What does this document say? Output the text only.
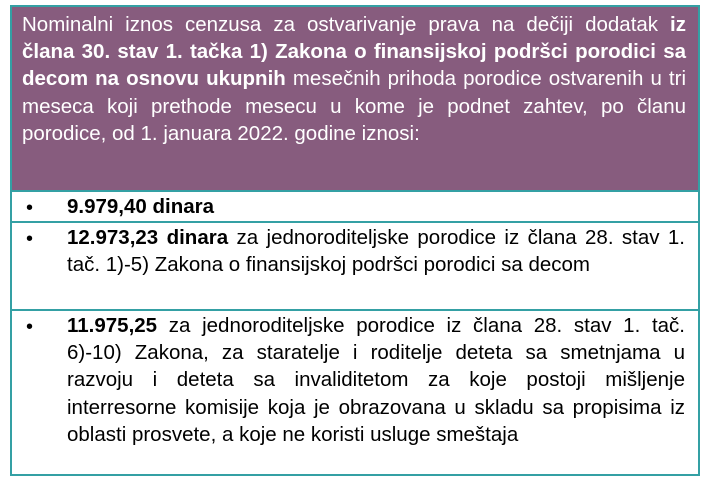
Nominalni iznos cenzusa za ostvarivanje prava na dečiji dodatak iz člana 30. stav 1. tačka 1) Zakona o finansijskoj podršci porodici sa decom na osnovu ukupnih mesečnih prihoda porodice ostvarenih u tri meseca koji prethode mesecu u kome je podnet zahtev, po članu porodice, od 1. januara 2022. godine iznosi:
• 9.979,40 dinara
• 12.973,23 dinara za jednoroditeljske porodice iz člana 28. stav 1. tač. 1)-5) Zakona o finansijskoj podršci porodici sa decom
• 11.975,25 za jednoroditeljske porodice iz člana 28. stav 1. tač. 6)-10) Zakona, za staratelje i roditelje deteta sa smetnjama u razvoju i deteta sa invaliditetom za koje postoji mišljenje interresorne komisije koja je obrazovana u skladu sa propisima iz oblasti prosvete, a koje ne koristi usluge smeštaja
